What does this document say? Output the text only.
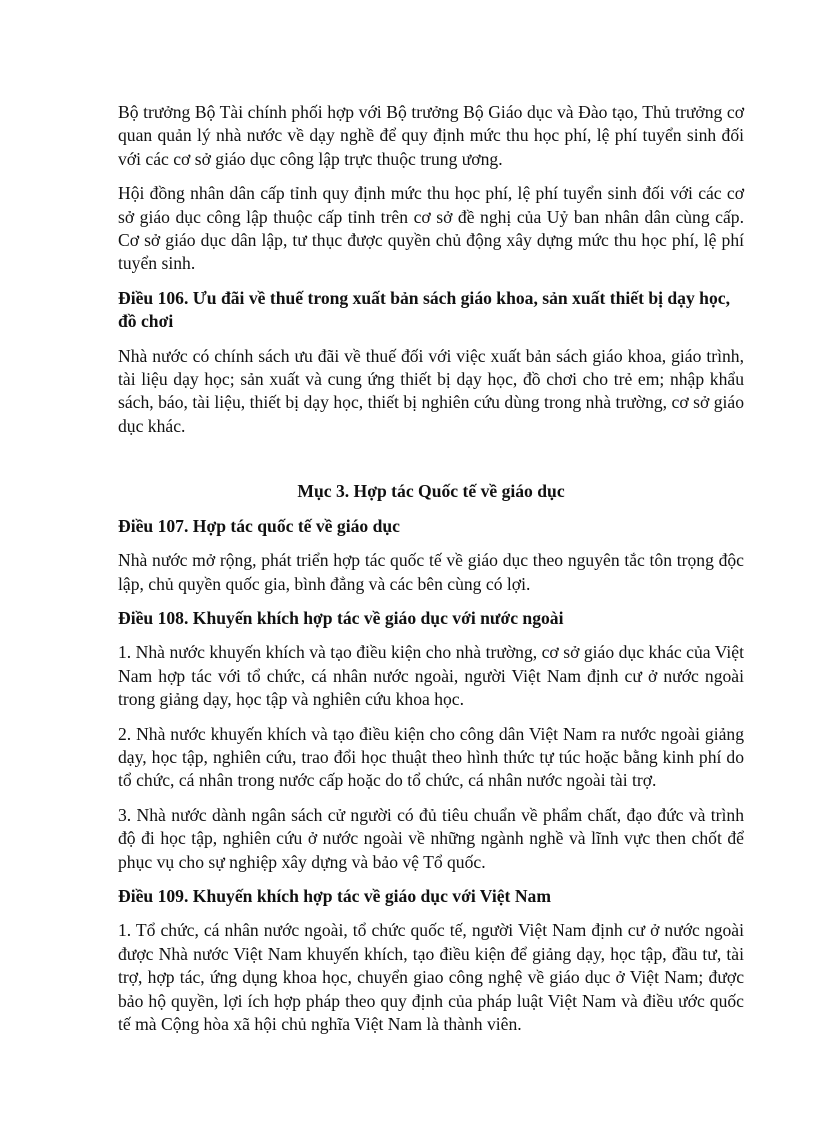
Bộ trưởng Bộ Tài chính phối hợp với Bộ trưởng Bộ Giáo dục và Đào tạo, Thủ trưởng cơ quan quản lý nhà nước về dạy nghề để quy định mức thu học phí, lệ phí tuyển sinh đối với các cơ sở giáo dục công lập trực thuộc trung ương.

Hội đồng nhân dân cấp tỉnh quy định mức thu học phí, lệ phí tuyển sinh đối với các cơ sở giáo dục công lập thuộc cấp tỉnh trên cơ sở đề nghị của Uỷ ban nhân dân cùng cấp. Cơ sở giáo dục dân lập, tư thục được quyền chủ động xây dựng mức thu học phí, lệ phí tuyển sinh.

Điều 106. Ưu đãi về thuế trong xuất bản sách giáo khoa, sản xuất thiết bị dạy học, đồ chơi

Nhà nước có chính sách ưu đãi về thuế đối với việc xuất bản sách giáo khoa, giáo trình, tài liệu dạy học; sản xuất và cung ứng thiết bị dạy học, đồ chơi cho trẻ em; nhập khẩu sách, báo, tài liệu, thiết bị dạy học, thiết bị nghiên cứu dùng trong nhà trường, cơ sở giáo dục khác.

Mục 3. Hợp tác Quốc tế về giáo dục

Điều 107. Hợp tác quốc tế về giáo dục

Nhà nước mở rộng, phát triển hợp tác quốc tế về giáo dục theo nguyên tắc tôn trọng độc lập, chủ quyền quốc gia, bình đẳng và các bên cùng có lợi.

Điều 108. Khuyến khích hợp tác về giáo dục với nước ngoài

1. Nhà nước khuyến khích và tạo điều kiện cho nhà trường, cơ sở giáo dục khác của Việt Nam hợp tác với tổ chức, cá nhân nước ngoài, người Việt Nam định cư ở nước ngoài trong giảng dạy, học tập và nghiên cứu khoa học.

2. Nhà nước khuyến khích và tạo điều kiện cho công dân Việt Nam ra nước ngoài giảng dạy, học tập, nghiên cứu, trao đổi học thuật theo hình thức tự túc hoặc bằng kinh phí do tổ chức, cá nhân trong nước cấp hoặc do tổ chức, cá nhân nước ngoài tài trợ.

3. Nhà nước dành ngân sách cử người có đủ tiêu chuẩn về phẩm chất, đạo đức và trình độ đi học tập, nghiên cứu ở nước ngoài về những ngành nghề và lĩnh vực then chốt để phục vụ cho sự nghiệp xây dựng và bảo vệ Tổ quốc.

Điều 109. Khuyến khích hợp tác về giáo dục với Việt Nam

1. Tổ chức, cá nhân nước ngoài, tổ chức quốc tế, người Việt Nam định cư ở nước ngoài được Nhà nước Việt Nam khuyến khích, tạo điều kiện để giảng dạy, học tập, đầu tư, tài trợ, hợp tác, ứng dụng khoa học, chuyển giao công nghệ về giáo dục ở Việt Nam; được bảo hộ quyền, lợi ích hợp pháp theo quy định của pháp luật Việt Nam và điều ước quốc tế mà Cộng hòa xã hội chủ nghĩa Việt Nam là thành viên.
